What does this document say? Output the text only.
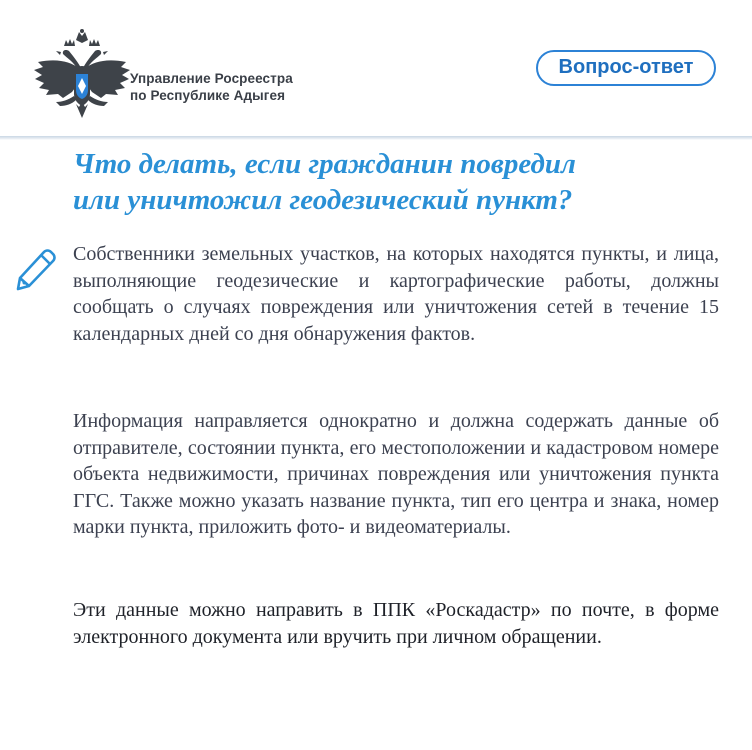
Управление Росреестра
по Республике Адыгея
Вопрос-ответ
Что делать, если гражданин повредил
или уничтожил геодезический пункт?

Собственники земельных участков, на которых находятся пункты, и лица, выполняющие геодезические и картографические работы, должны сообщать о случаях повреждения или уничтожения сетей в течение 15 календарных дней со дня обнаружения фактов.

Информация направляется однократно и должна содержать данные об отправителе, состоянии пункта, его местоположении и кадастровом номере объекта недвижимости, причинах повреждения или уничтожения пункта ГГС. Также можно указать название пункта, тип его центра и знака, номер марки пункта, приложить фото- и видеоматериалы.

Эти данные можно направить в ППК «Роскадастр» по почте, в форме электронного документа или вручить при личном обращении.
